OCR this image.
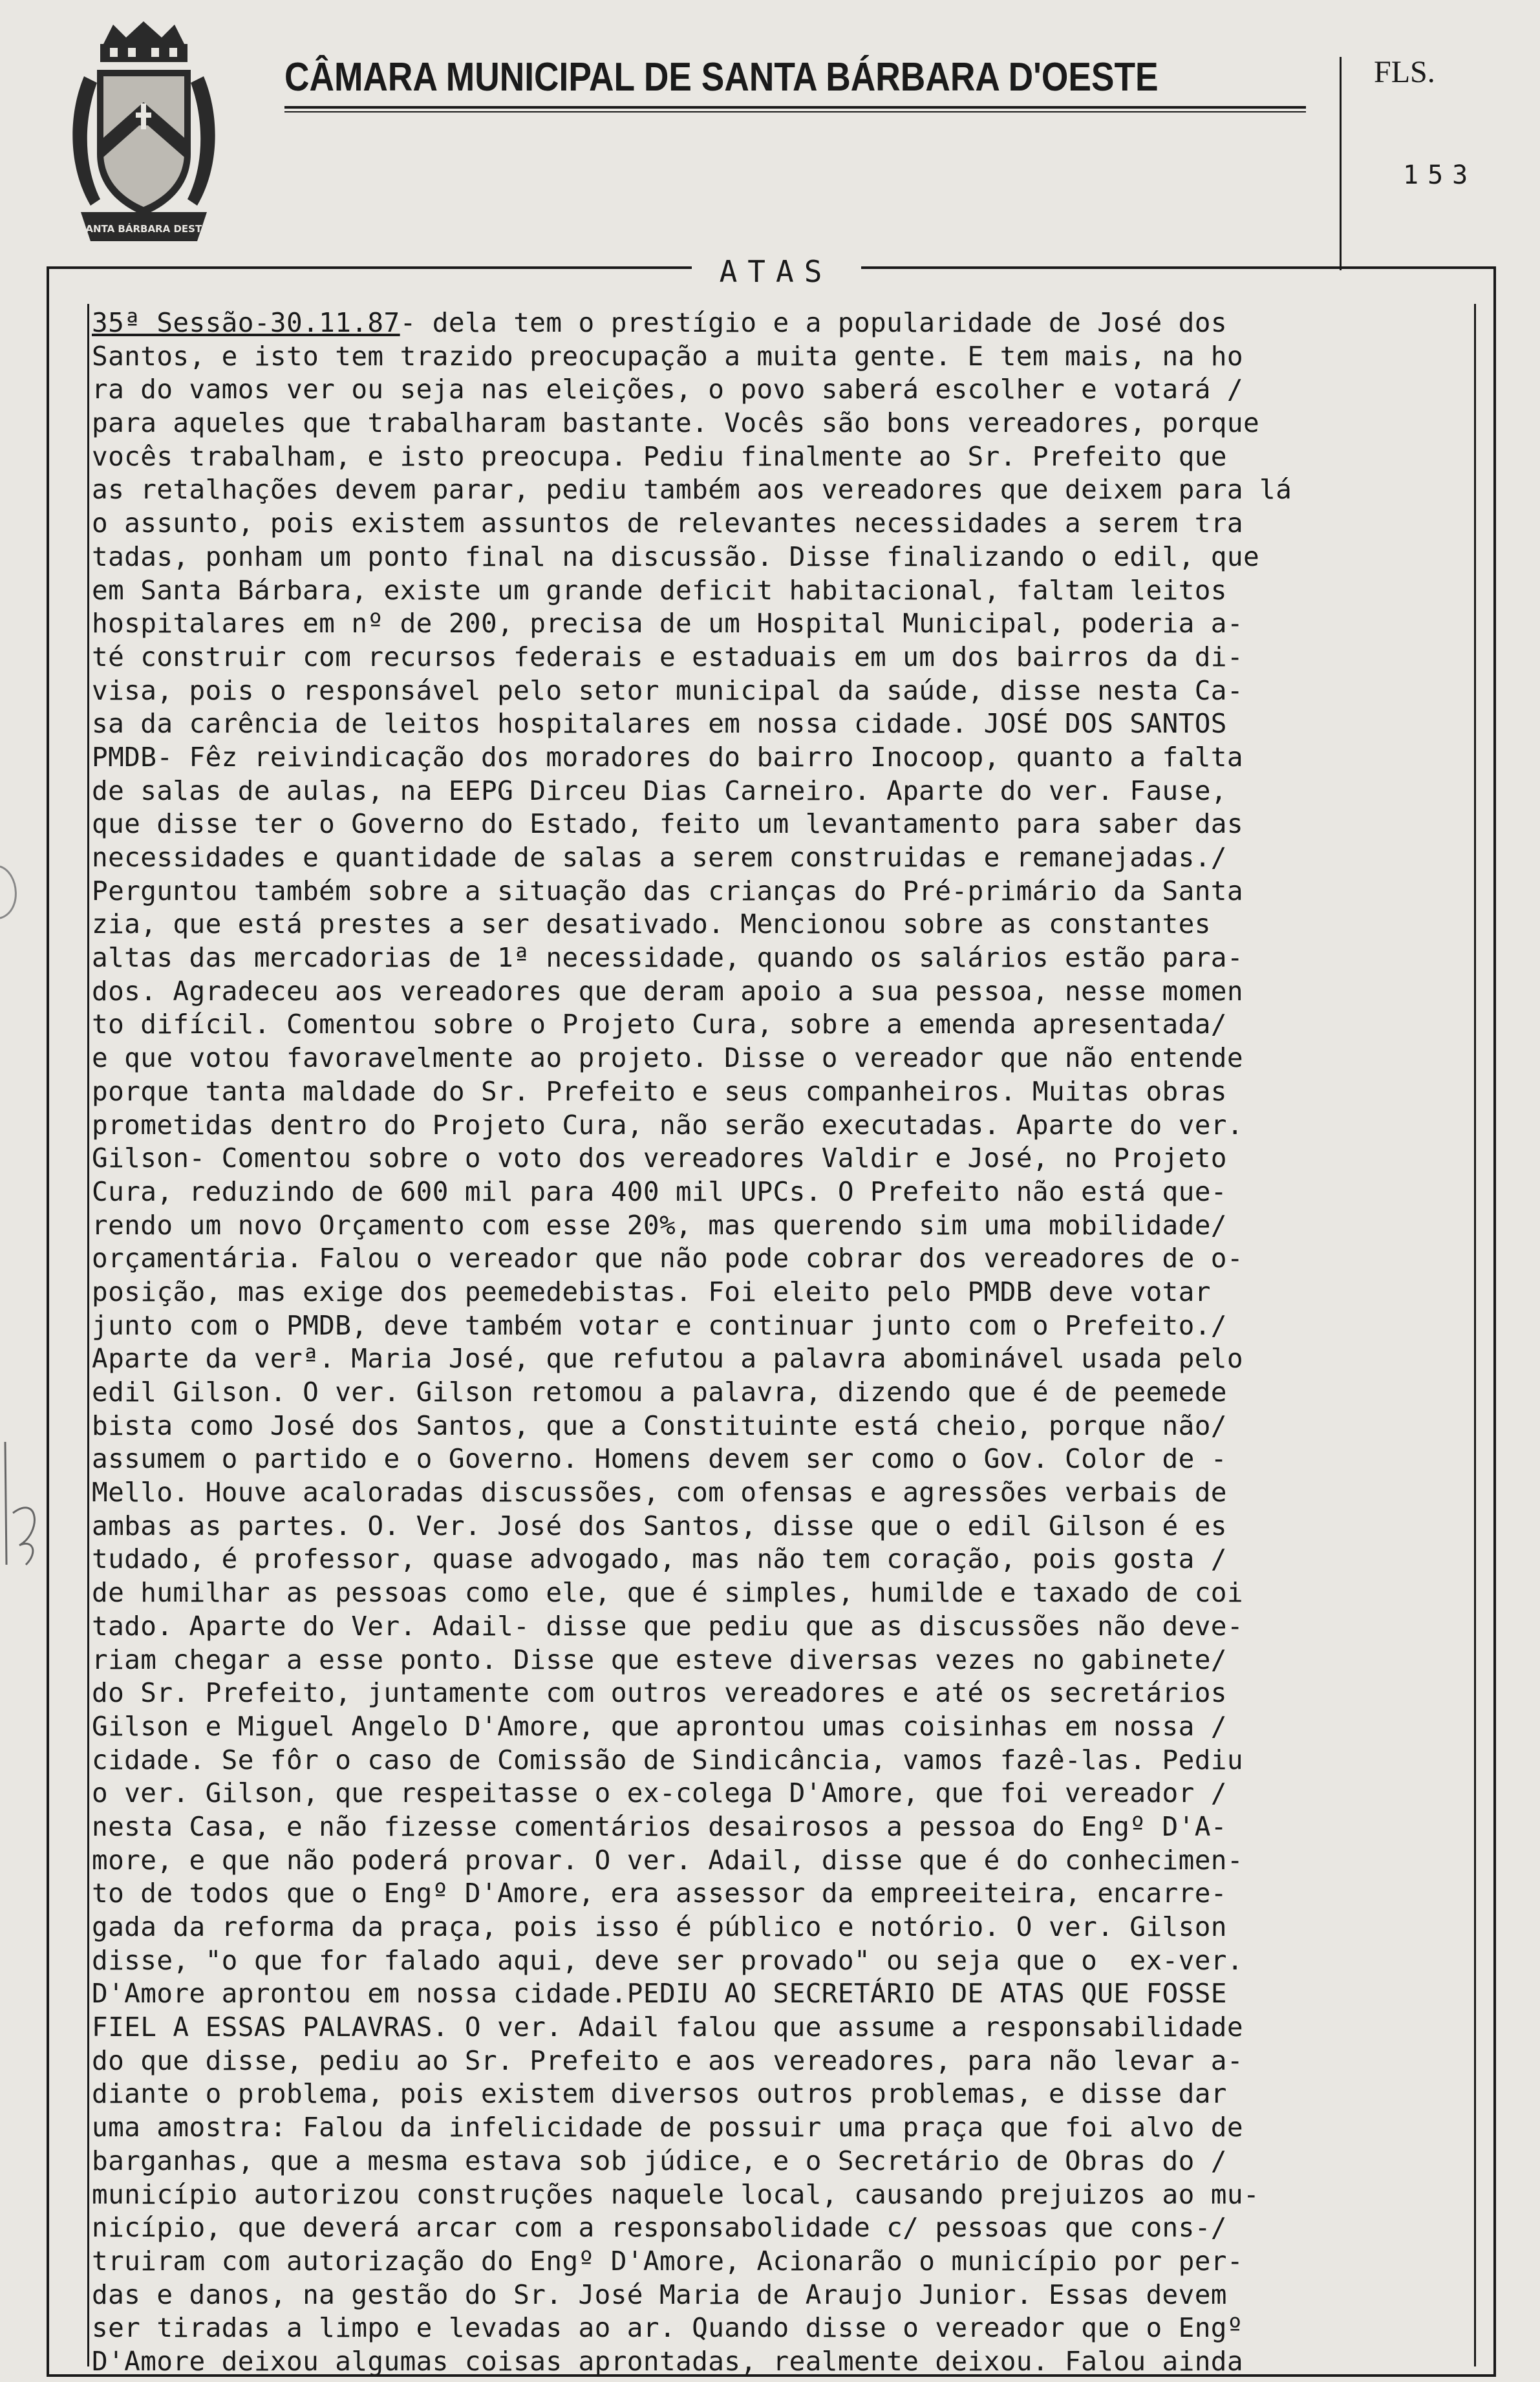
SANTA BÁRBARA DESTE
CÂMARA MUNICIPAL DE SANTA BÁRBARA D'OESTE	FLS.
153
ATAS
35ª Sessão-30.11.87- dela tem o prestígio e a popularidade de José dos
Santos, e isto tem trazido preocupação a muita gente. E tem mais, na ho
ra do vamos ver ou seja nas eleições, o povo saberá escolher e votará /
para aqueles que trabalharam bastante. Vocês são bons vereadores, porque
vocês trabalham, e isto preocupa. Pediu finalmente ao Sr. Prefeito que
as retalhações devem parar, pediu também aos vereadores que deixem para lá
o assunto, pois existem assuntos de relevantes necessidades a serem tra
tadas, ponham um ponto final na discussão. Disse finalizando o edil, que
em Santa Bárbara, existe um grande deficit habitacional, faltam leitos
hospitalares em nº de 200, precisa de um Hospital Municipal, poderia a-
té construir com recursos federais e estaduais em um dos bairros da di-
visa, pois o responsável pelo setor municipal da saúde, disse nesta Ca-
sa da carência de leitos hospitalares em nossa cidade. JOSÉ DOS SANTOS
PMDB- Fêz reivindicação dos moradores do bairro Inocoop, quanto a falta
de salas de aulas, na EEPG Dirceu Dias Carneiro. Aparte do ver. Fause,
que disse ter o Governo do Estado, feito um levantamento para saber das
necessidades e quantidade de salas a serem construidas e remanejadas./
Perguntou também sobre a situação das crianças do Pré-primário da Santa
zia, que está prestes a ser desativado. Mencionou sobre as constantes
altas das mercadorias de 1ª necessidade, quando os salários estão para-
dos. Agradeceu aos vereadores que deram apoio a sua pessoa, nesse momen
to difícil. Comentou sobre o Projeto Cura, sobre a emenda apresentada/
e que votou favoravelmente ao projeto. Disse o vereador que não entende
porque tanta maldade do Sr. Prefeito e seus companheiros. Muitas obras
prometidas dentro do Projeto Cura, não serão executadas. Aparte do ver.
Gilson- Comentou sobre o voto dos vereadores Valdir e José, no Projeto
Cura, reduzindo de 600 mil para 400 mil UPCs. O Prefeito não está que-
rendo um novo Orçamento com esse 20%, mas querendo sim uma mobilidade/
orçamentária. Falou o vereador que não pode cobrar dos vereadores de o-
posição, mas exige dos peemedebistas. Foi eleito pelo PMDB deve votar
junto com o PMDB, deve também votar e continuar junto com o Prefeito./
Aparte da verª. Maria José, que refutou a palavra abominável usada pelo
edil Gilson. O ver. Gilson retomou a palavra, dizendo que é de peemede
bista como José dos Santos, que a Constituinte está cheio, porque não/
assumem o partido e o Governo. Homens devem ser como o Gov. Color de -
Mello. Houve acaloradas discussões, com ofensas e agressões verbais de
ambas as partes. O. Ver. José dos Santos, disse que o edil Gilson é es
tudado, é professor, quase advogado, mas não tem coração, pois gosta /
de humilhar as pessoas como ele, que é simples, humilde e taxado de coi
tado. Aparte do Ver. Adail- disse que pediu que as discussões não deve-
riam chegar a esse ponto. Disse que esteve diversas vezes no gabinete/
do Sr. Prefeito, juntamente com outros vereadores e até os secretários
Gilson e Miguel Angelo D'Amore, que aprontou umas coisinhas em nossa /
cidade. Se fôr o caso de Comissão de Sindicância, vamos fazê-las. Pediu
o ver. Gilson, que respeitasse o ex-colega D'Amore, que foi vereador /
nesta Casa, e não fizesse comentários desairosos a pessoa do Engº D'A-
more, e que não poderá provar. O ver. Adail, disse que é do conhecimen-
to de todos que o Engº D'Amore, era assessor da empreeiteira, encarre-
gada da reforma da praça, pois isso é público e notório. O ver. Gilson
disse, "o que for falado aqui, deve ser provado" ou seja que o  ex-ver.
D'Amore aprontou em nossa cidade.PEDIU AO SECRETÁRIO DE ATAS QUE FOSSE
FIEL A ESSAS PALAVRAS. O ver. Adail falou que assume a responsabilidade
do que disse, pediu ao Sr. Prefeito e aos vereadores, para não levar a-
diante o problema, pois existem diversos outros problemas, e disse dar
uma amostra: Falou da infelicidade de possuir uma praça que foi alvo de
barganhas, que a mesma estava sob júdice, e o Secretário de Obras do /
município autorizou construções naquele local, causando prejuizos ao mu-
nicípio, que deverá arcar com a responsabolidade c/ pessoas que cons-/
truiram com autorização do Engº D'Amore, Acionarão o município por per-
das e danos, na gestão do Sr. José Maria de Araujo Junior. Essas devem
ser tiradas a limpo e levadas ao ar. Quando disse o vereador que o Engº
D'Amore deixou algumas coisas aprontadas, realmente deixou. Falou ainda
